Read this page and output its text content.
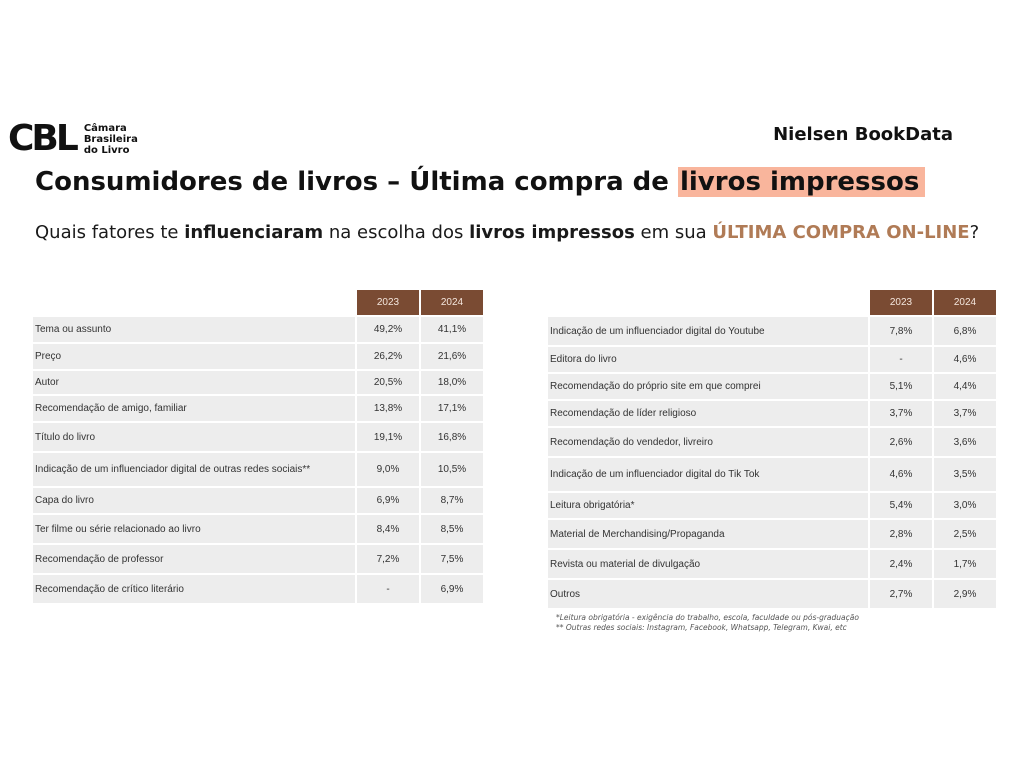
CBL Câmara
Brasileira
do Livro
Nielsen BookData
Consumidores de livros – Última compra de livros impressos
Quais fatores te influenciaram na escolha dos livros impressos em sua ÚLTIMA COMPRA ON-LINE?
	2023	2024
Tema ou assunto	49,2%	41,1%
Preço	26,2%	21,6%
Autor	20,5%	18,0%
Recomendação de amigo, familiar	13,8%	17,1%
Título do livro	19,1%	16,8%
Indicação de um influenciador digital de outras redes sociais**	9,0%	10,5%
Capa do livro	6,9%	8,7%
Ter filme ou série relacionado ao livro	8,4%	8,5%
Recomendação de professor	7,2%	7,5%
Recomendação de crítico literário	-	6,9%
	2023	2024
Indicação de um influenciador digital do Youtube	7,8%	6,8%
Editora do livro	-	4,6%
Recomendação do próprio site em que comprei	5,1%	4,4%
Recomendação de líder religioso	3,7%	3,7%
Recomendação do vendedor, livreiro	2,6%	3,6%
Indicação de um influenciador digital do Tik Tok	4,6%	3,5%
Leitura obrigatória*	5,4%	3,0%
Material de Merchandising/Propaganda	2,8%	2,5%
Revista ou material de divulgação	2,4%	1,7%
Outros	2,7%	2,9%
*Leitura obrigatória - exigência do trabalho, escola, faculdade ou pós-graduação
** Outras redes sociais: Instagram, Facebook, Whatsapp, Telegram, Kwai, etc
